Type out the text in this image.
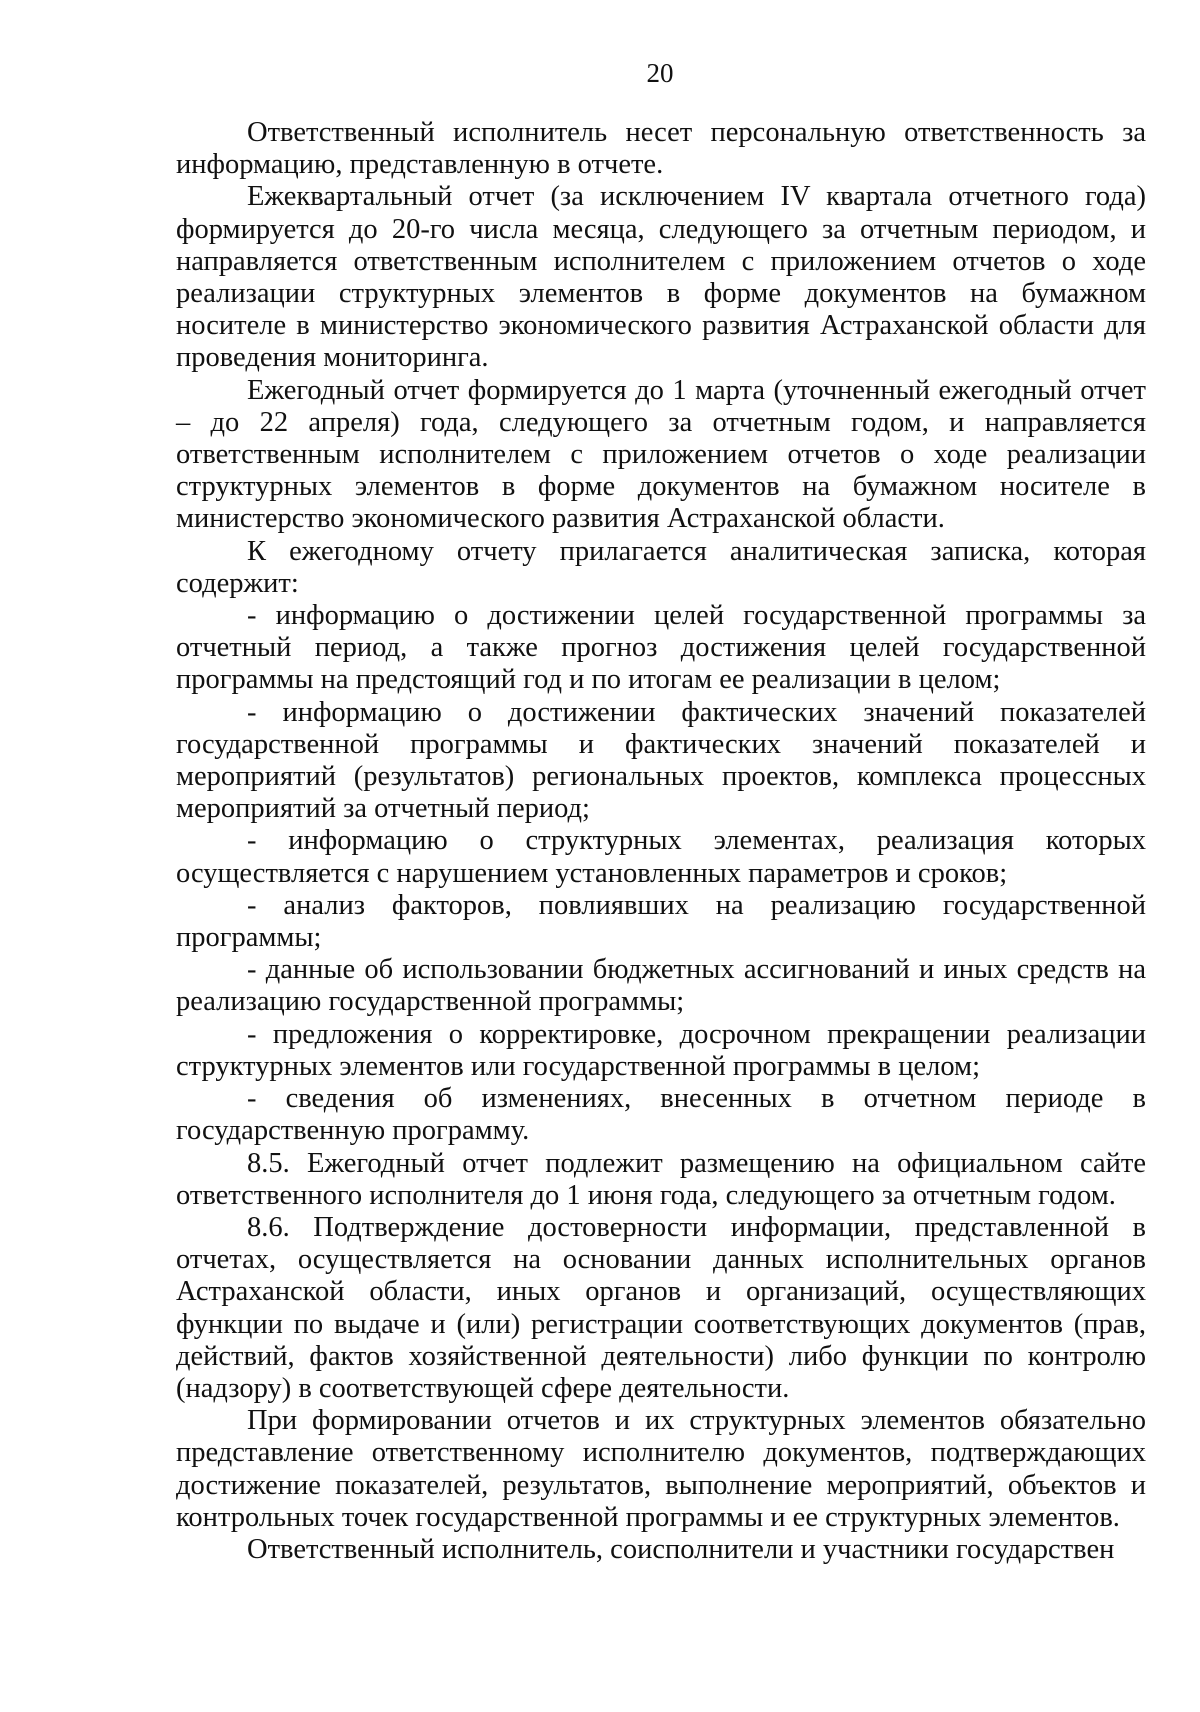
20

Ответственный исполнитель несет персональную ответственность за информацию, представленную в отчете.

Ежеквартальный отчет (за исключением IV квартала отчетного года) формируется до 20-го числа месяца, следующего за отчетным периодом, и направляется ответственным исполнителем с приложением отчетов о ходе реализации структурных элементов в форме документов на бумажном носителе в министерство экономического развития Астраханской области для проведения мониторинга.

Ежегодный отчет формируется до 1 марта (уточненный ежегодный отчет – до 22 апреля) года, следующего за отчетным годом, и направляется ответственным исполнителем с приложением отчетов о ходе реализации структурных элементов в форме документов на бумажном носителе в министерство экономического развития Астраханской области.

К ежегодному отчету прилагается аналитическая записка, которая содержит:

- информацию о достижении целей государственной программы за отчетный период, а также прогноз достижения целей государственной программы на предстоящий год и по итогам ее реализации в целом;

- информацию о достижении фактических значений показателей государственной программы и фактических значений показателей и мероприятий (результатов) региональных проектов, комплекса процессных мероприятий за отчетный период;

- информацию о структурных элементах, реализация которых осуществляется с нарушением установленных параметров и сроков;

- анализ факторов, повлиявших на реализацию государственной программы;

- данные об использовании бюджетных ассигнований и иных средств на реализацию государственной программы;

- предложения о корректировке, досрочном прекращении реализации структурных элементов или государственной программы в целом;

- сведения об изменениях, внесенных в отчетном периоде в государственную программу.

8.5. Ежегодный отчет подлежит размещению на официальном сайте ответственного исполнителя до 1 июня года, следующего за отчетным годом.

8.6. Подтверждение достоверности информации, представленной в отчетах, осуществляется на основании данных исполнительных органов Астраханской области, иных органов и организаций, осуществляющих функции по выдаче и (или) регистрации соответствующих документов (прав, действий, фактов хозяйственной деятельности) либо функции по контролю (надзору) в соответствующей сфере деятельности.

При формировании отчетов и их структурных элементов обязательно представление ответственному исполнителю документов, подтверждающих достижение показателей, результатов, выполнение мероприятий, объектов и контрольных точек государственной программы и ее структурных элементов.

Ответственный исполнитель, соисполнители и участники государствен
